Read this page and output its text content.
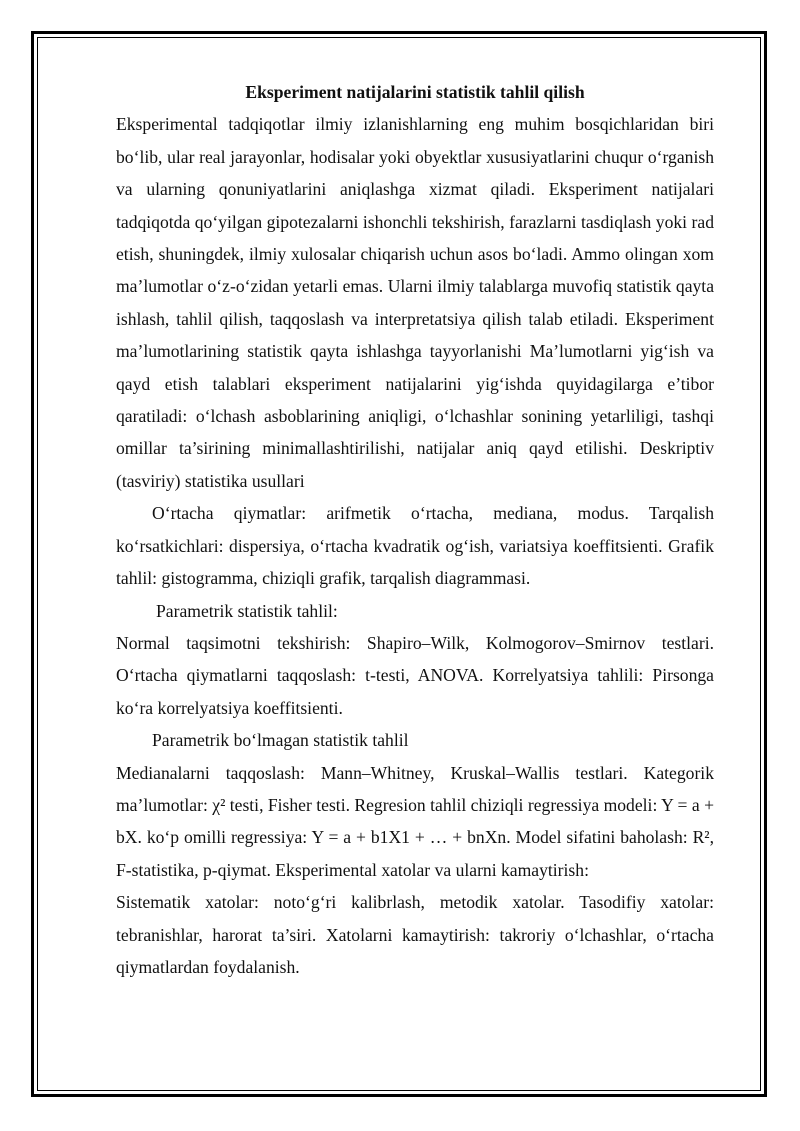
Eksperiment natijalarini statistik tahlil qilish

Eksperimental tadqiqotlar ilmiy izlanishlarning eng muhim bosqichlaridan biri bo‘lib, ular real jarayonlar, hodisalar yoki obyektlar xususiyatlarini chuqur o‘rganish va ularning qonuniyatlarini aniqlashga xizmat qiladi. Eksperiment natijalari tadqiqotda qo‘yilgan gipotezalarni ishonchli tekshirish, farazlarni tasdiqlash yoki rad etish, shuningdek, ilmiy xulosalar chiqarish uchun asos bo‘ladi. Ammo olingan xom ma’lumotlar o‘z-o‘zidan yetarli emas. Ularni ilmiy talablarga muvofiq statistik qayta ishlash, tahlil qilish, taqqoslash va interpretatsiya qilish talab etiladi. Eksperiment ma’lumotlarining statistik qayta ishlashga tayyorlanishi Ma’lumotlarni yig‘ish va qayd etish talablari eksperiment natijalarini yig‘ishda quyidagilarga e’tibor qaratiladi: o‘lchash asboblarining aniqligi, o‘lchashlar sonining yetarliligi, tashqi omillar ta’sirining minimallashtirilishi, natijalar aniq qayd etilishi. Deskriptiv (tasviriy) statistika usullari

O‘rtacha qiymatlar: arifmetik o‘rtacha, mediana, modus. Tarqalish ko‘rsatkichlari: dispersiya, o‘rtacha kvadratik og‘ish, variatsiya koeffitsienti. Grafik tahlil: gistogramma, chiziqli grafik, tarqalish diagrammasi.

Parametrik statistik tahlil:

Normal taqsimotni tekshirish: Shapiro–Wilk, Kolmogorov–Smirnov testlari. O‘rtacha qiymatlarni taqqoslash: t-testi, ANOVA. Korrelyatsiya tahlili: Pirsonga ko‘ra korrelyatsiya koeffitsienti.

Parametrik bo‘lmagan statistik tahlil

Medianalarni taqqoslash: Mann–Whitney, Kruskal–Wallis testlari. Kategorik ma’lumotlar: χ² testi, Fisher testi. Regresion tahlil chiziqli regressiya modeli: Y = a + bX. ko‘p omilli regressiya: Y = a + b1X1 + … + bnXn. Model sifatini baholash: R², F-statistika, p-qiymat. Eksperimental xatolar va ularni kamaytirish:

Sistematik xatolar: noto‘g‘ri kalibrlash, metodik xatolar. Tasodifiy xatolar: tebranishlar, harorat ta’siri. Xatolarni kamaytirish: takroriy o‘lchashlar, o‘rtacha qiymatlardan foydalanish.
